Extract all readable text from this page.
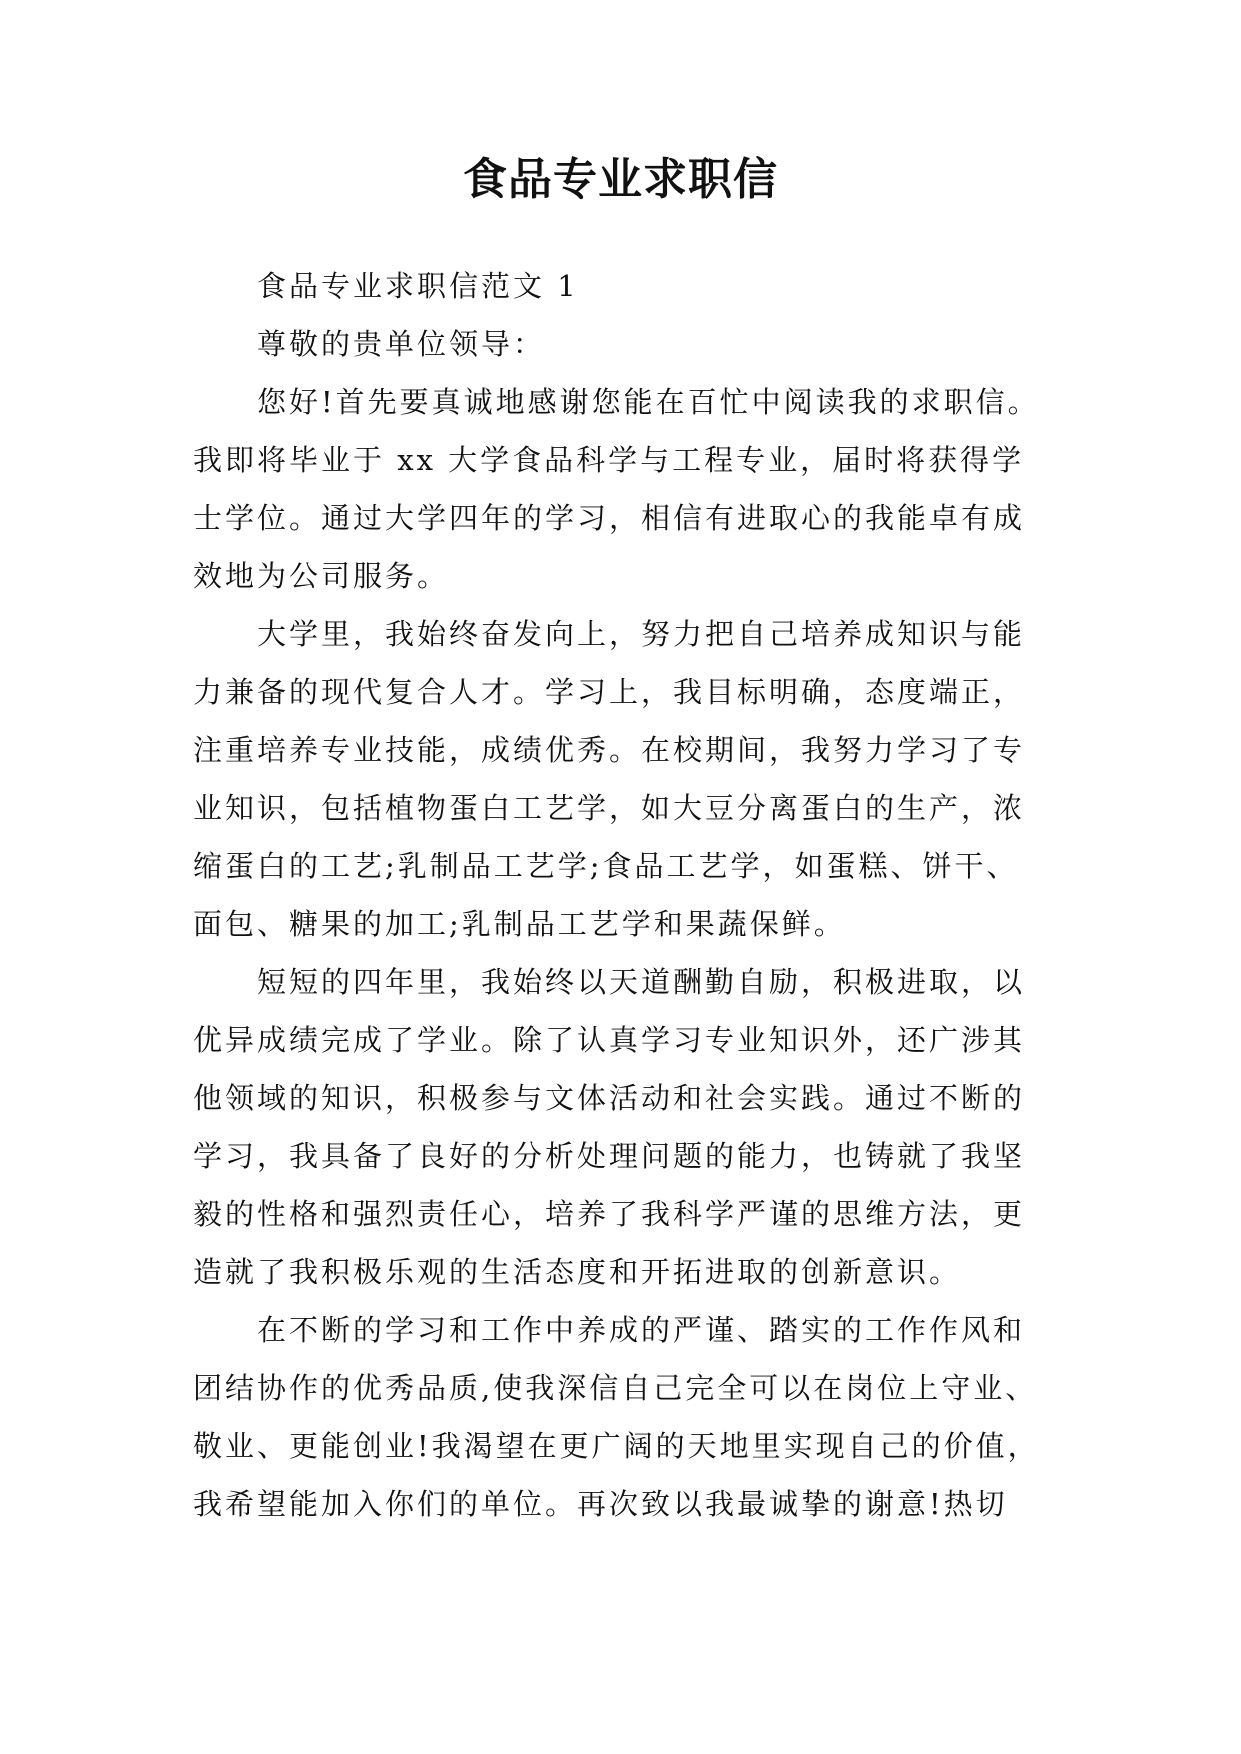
食品专业求职信
食品专业求职信范文 1
尊敬的贵单位领导：
您好!首先要真诚地感谢您能在百忙中阅读我的求职信。
我即将毕业于 xx 大学食品科学与工程专业，届时将获得学
士学位。通过大学四年的学习，相信有进取心的我能卓有成
效地为公司服务。
大学里，我始终奋发向上，努力把自己培养成知识与能
力兼备的现代复合人才。学习上，我目标明确，态度端正，
注重培养专业技能，成绩优秀。在校期间，我努力学习了专
业知识，包括植物蛋白工艺学，如大豆分离蛋白的生产，浓
缩蛋白的工艺;乳制品工艺学;食品工艺学，如蛋糕、饼干、
面包、糖果的加工;乳制品工艺学和果蔬保鲜。
短短的四年里，我始终以天道酬勤自励，积极进取，以
优异成绩完成了学业。除了认真学习专业知识外，还广涉其
他领域的知识，积极参与文体活动和社会实践。通过不断的
学习，我具备了良好的分析处理问题的能力，也铸就了我坚
毅的性格和强烈责任心，培养了我科学严谨的思维方法，更
造就了我积极乐观的生活态度和开拓进取的创新意识。
在不断的学习和工作中养成的严谨、踏实的工作作风和
团结协作的优秀品质,使我深信自己完全可以在岗位上守业、
敬业、更能创业!我渴望在更广阔的天地里实现自己的价值，
我希望能加入你们的单位。再次致以我最诚挚的谢意!热切
